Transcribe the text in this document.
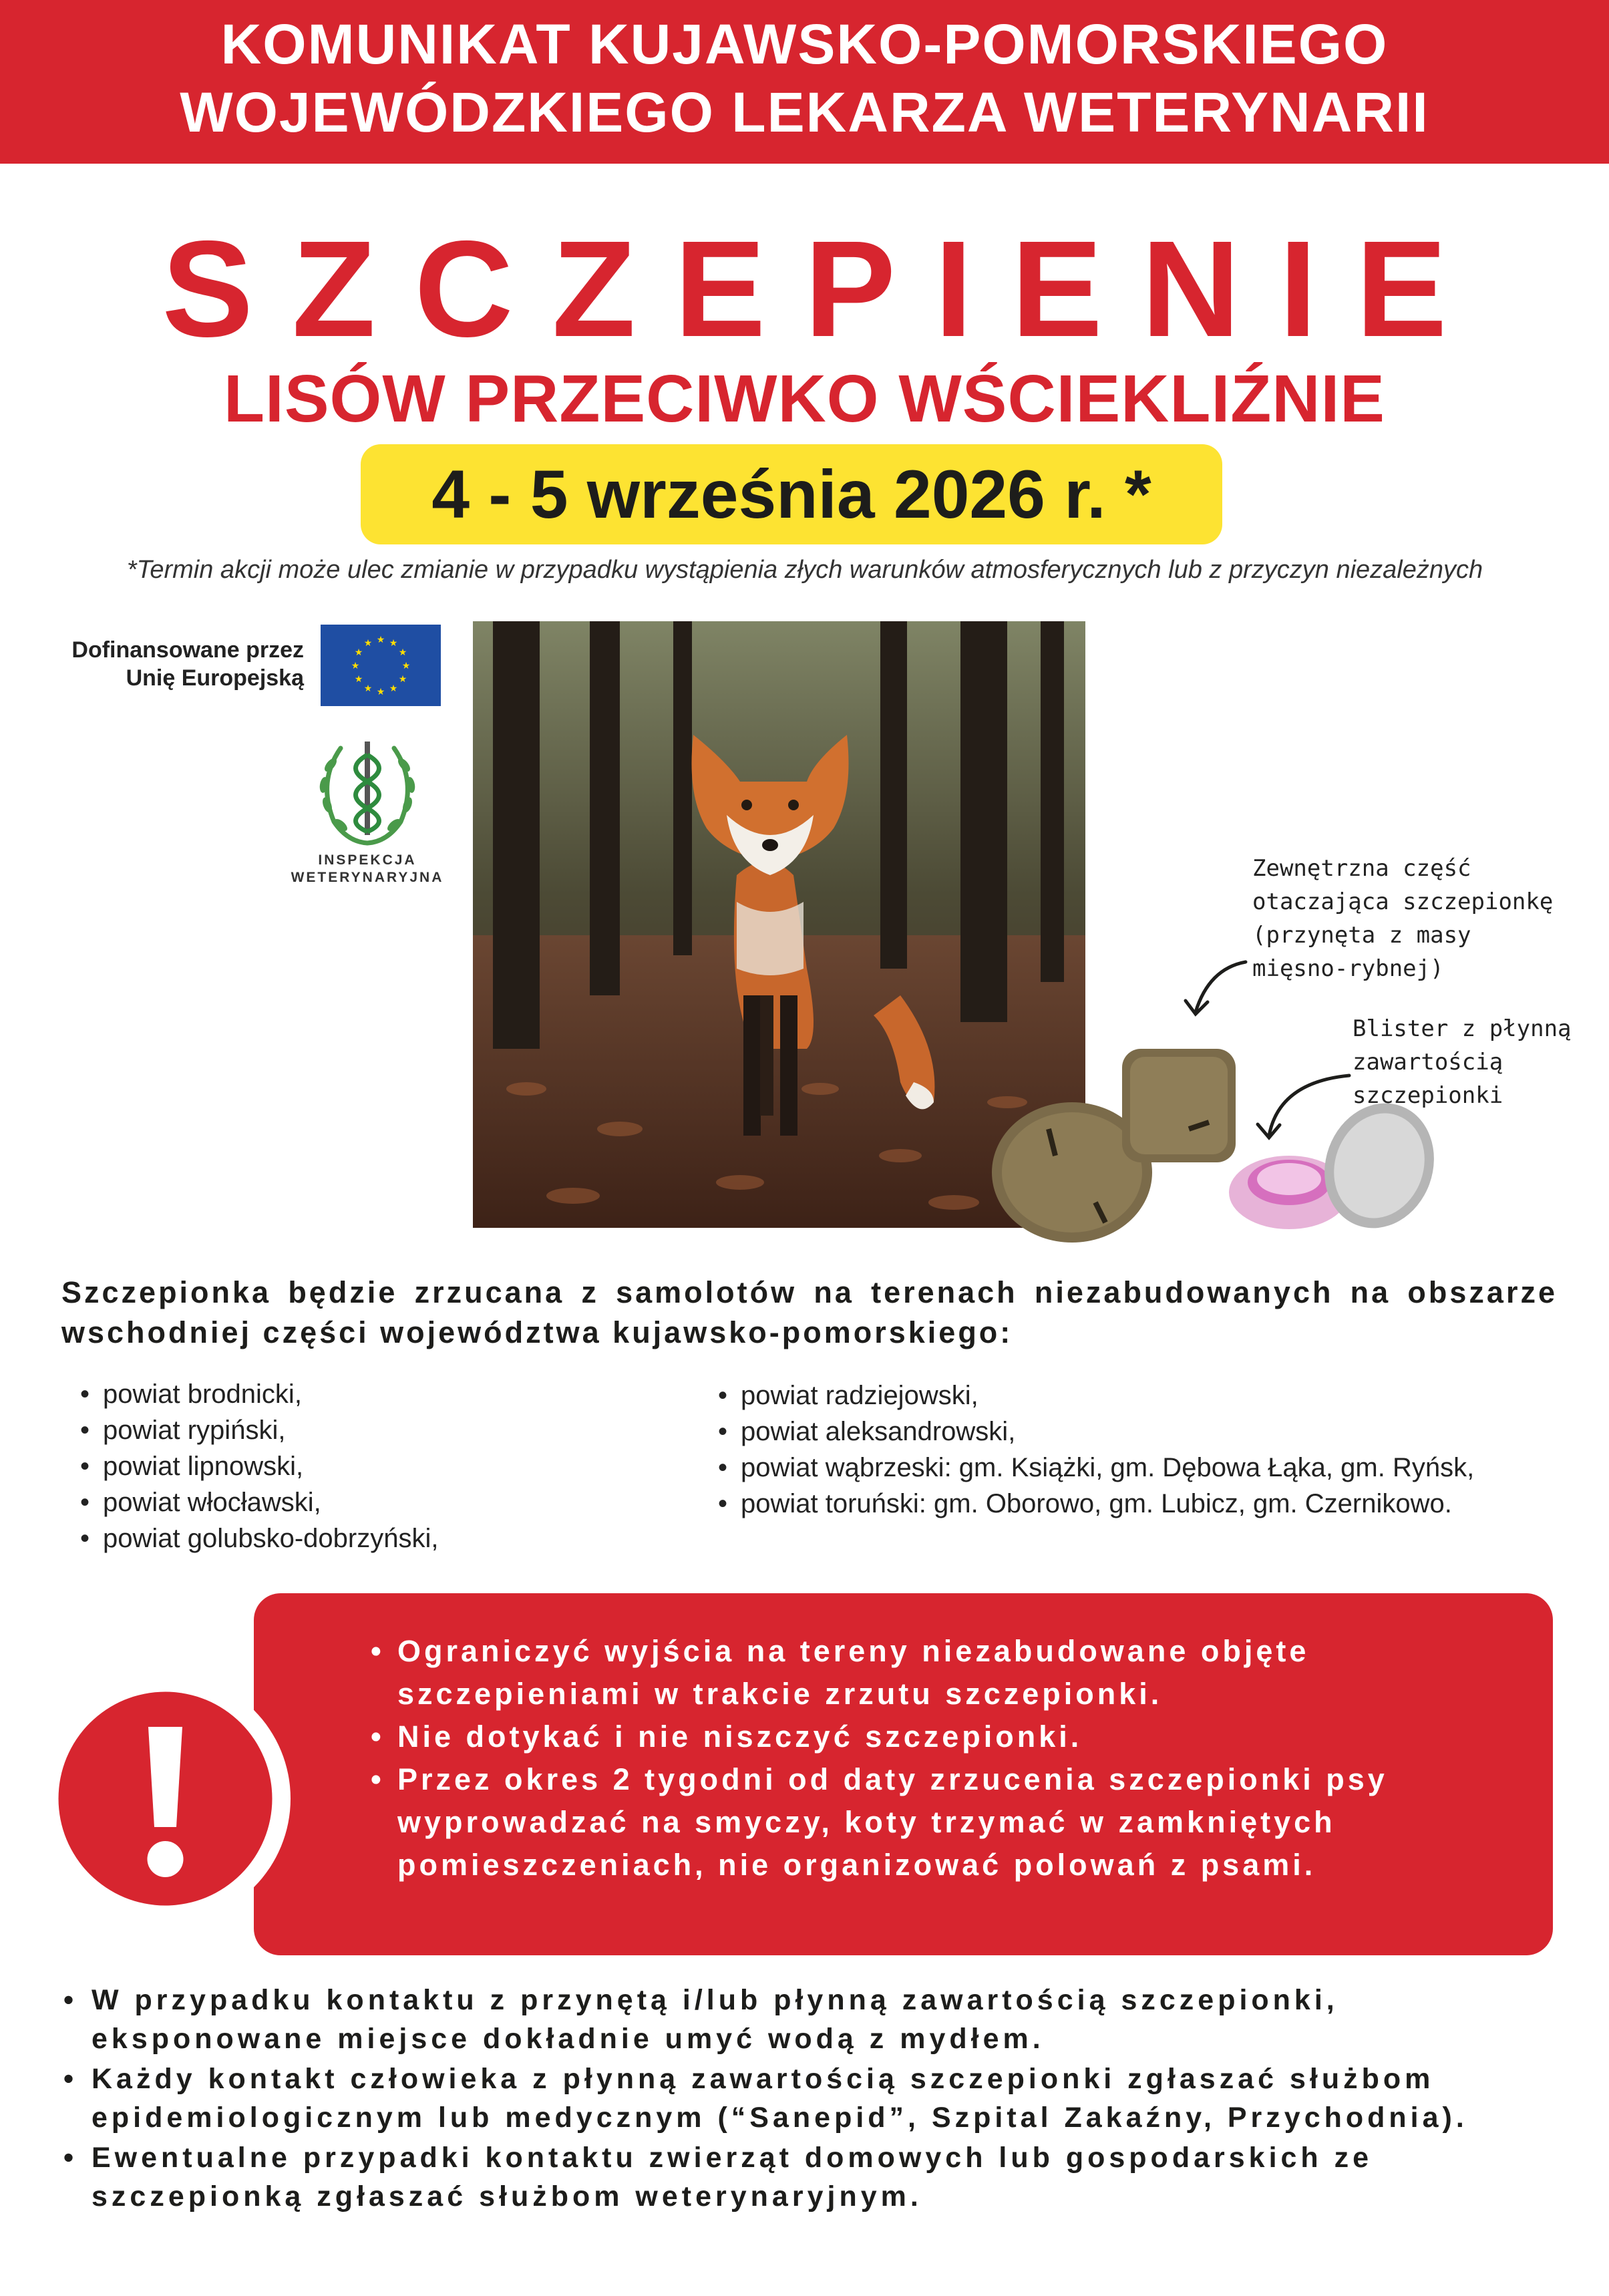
KOMUNIKAT KUJAWSKO-POMORSKIEGO
WOJEWÓDZKIEGO LEKARZA WETERYNARII
SZCZEPIENIE
LISÓW PRZECIWKO WŚCIEKLIŹNIE
4 - 5 września 2026 r. *
*Termin akcji może ulec zmianie w przypadku wystąpienia złych warunków atmosferycznych lub z przyczyn niezależnych
Dofinansowane przez
Unię Europejską
★ ★
★
★
★
★
★
★
★
★
★
★
INSPEKCJA
WETERYNARYJNA	Zewnętrzna część
otaczająca szczepionkę
(przynęta z masy
mięsno-rybnej)
Blister z płynną
zawartością
szczepionki
Szczepionka będzie zrzucana z samolotów na terenach niezabudowanych na obszarze wschodniej części województwa kujawsko-pomorskiego:
• powiat brodnicki,
• powiat rypiński,
• powiat lipnowski,
• powiat włocławski,
• powiat golubsko-dobrzyński,
• powiat radziejowski,
• powiat aleksandrowski,
• powiat wąbrzeski: gm. Książki, gm. Dębowa Łąka, gm. Ryńsk,
• powiat toruński: gm. Oborowo, gm. Lubicz, gm. Czernikowo.
• Ograniczyć wyjścia na tereny niezabudowane objęte szczepieniami w trakcie zrzutu szczepionki.
• Nie dotykać i nie niszczyć szczepionki.
• Przez okres 2 tygodni od daty zrzucenia szczepionki psy wyprowadzać na smyczy, koty trzymać w zamkniętych pomieszczeniach, nie organizować polowań z psami.
• W przypadku kontaktu z przynętą i/lub płynną zawartością szczepionki, eksponowane miejsce dokładnie umyć wodą z mydłem.
• Każdy kontakt człowieka z płynną zawartością szczepionki zgłaszać służbom epidemiologicznym lub medycznym (“Sanepid”, Szpital Zakaźny, Przychodnia).
• Ewentualne przypadki kontaktu zwierząt domowych lub gospodarskich ze szczepionką zgłaszać służbom weterynaryjnym.
